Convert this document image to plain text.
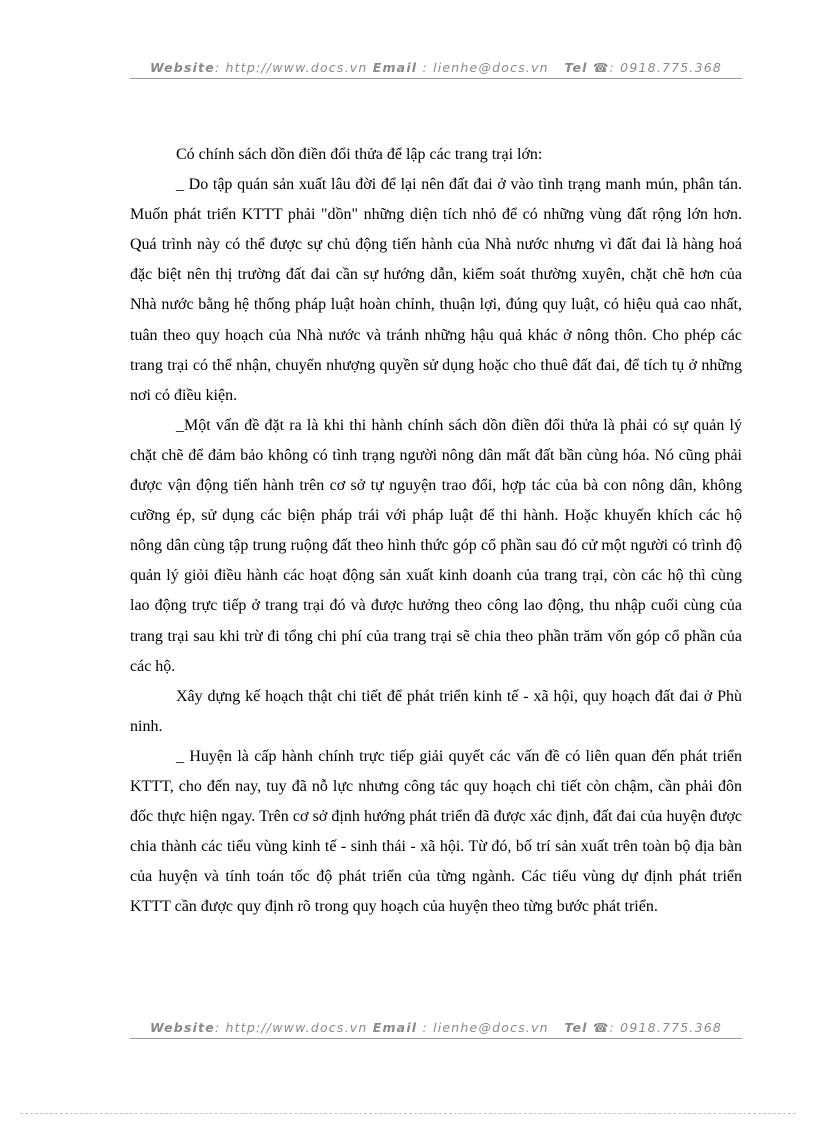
Website: http://www.docs.vn Email : lienhe@docs.vn Tel ☎: 0918.775.368

Có chính sách dồn điền đổi thửa để lập các trang trại lớn:

_ Do tập quán sản xuất lâu đời để lại nên đất đai ở vào tình trạng manh mún, phân tán. Muốn phát triển KTTT phải "dồn" những diện tích nhỏ để có những vùng đất rộng lớn hơn. Quá trình này có thể được sự chủ động tiến hành của Nhà nước nhưng vì đất đai là hàng hoá đặc biệt nên thị trường đất đai cần sự hướng dẫn, kiểm soát thường xuyên, chặt chẽ hơn của Nhà nước bằng hệ thống pháp luật hoàn chỉnh, thuận lợi, đúng quy luật, có hiệu quả cao nhất, tuân theo quy hoạch của Nhà nước và tránh những hậu quả khác ở nông thôn. Cho phép các trang trại có thể nhận, chuyển nhượng quyền sử dụng hoặc cho thuê đất đai, để tích tụ ở những nơi có điều kiện.

_Một vấn đề đặt ra là khi thi hành chính sách dồn điền đổi thửa là phải có sự quản lý chặt chẽ để đảm bảo không có tình trạng người nông dân mất đất bần cùng hóa. Nó cũng phải được vận động tiến hành trên cơ sở tự nguyện trao đổi, hợp tác của bà con nông dân, không cưỡng ép, sử dụng các biện pháp trái với pháp luật để thi hành. Hoặc khuyến khích các hộ nông dân cùng tập trung ruộng đất theo hình thức góp cổ phần sau đó cử một người có trình độ quản lý giỏi điều hành các hoạt động sản xuất kinh doanh của trang trại, còn các hộ thì cùng lao động trực tiếp ở trang trại đó và được hưởng theo công lao động, thu nhập cuối cùng của trang trại sau khi trừ đi tổng chi phí của trang trại sẽ chia theo phần trăm vốn góp cổ phần của các hộ.

Xây dựng kế hoạch thật chi tiết để phát triển kinh tế - xã hội, quy hoạch đất đai ở Phù ninh.

_ Huyện là cấp hành chính trực tiếp giải quyết các vấn đề có liên quan đến phát triển KTTT, cho đến nay, tuy đã nỗ lực nhưng công tác quy hoạch chi tiết còn chậm, cần phải đôn đốc thực hiện ngay. Trên cơ sở định hướng phát triển đã được xác định, đất đai của huyện được chia thành các tiểu vùng kinh tế - sinh thái - xã hội. Từ đó, bố trí sản xuất trên toàn bộ địa bàn của huyện và tính toán tốc độ phát triển của từng ngành. Các tiểu vùng dự định phát triển KTTT cần được quy định rõ trong quy hoạch của huyện theo từng bước phát triển.

Website: http://www.docs.vn Email : lienhe@docs.vn Tel ☎: 0918.775.368
